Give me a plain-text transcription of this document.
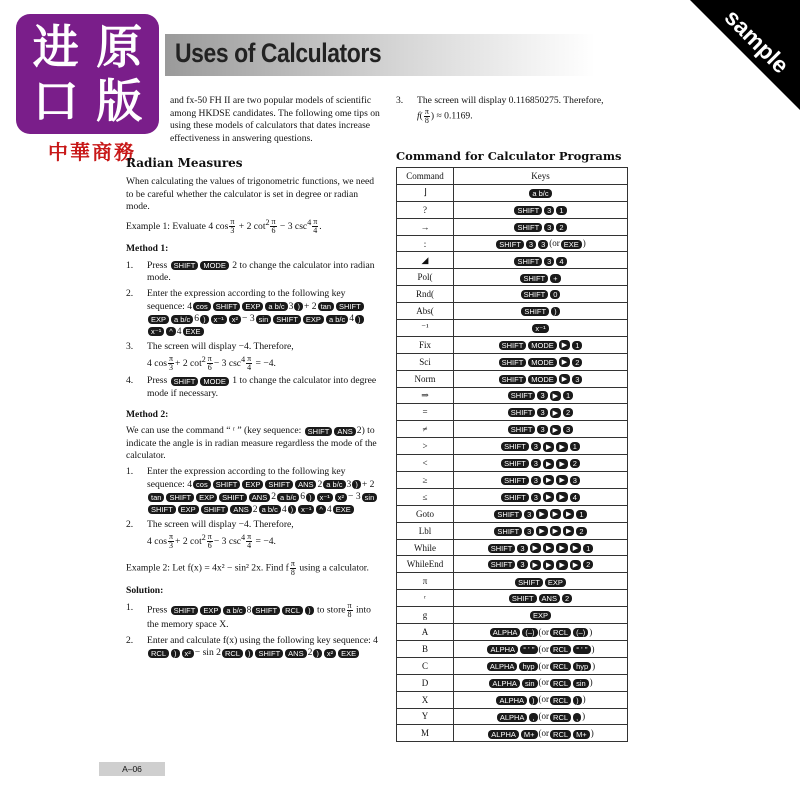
Uses of Calculators	sample
进 原
口 版
中華商務

and fx-50 FH II are two popular models of scientific among HKDSE candidates. The following ome tips on using these models of calculators that dates increase effectiveness in answering questions.

Radian Measures

When calculating the values of trigonometric functions, we need to be careful whether the calculator is set in degree or radian mode.

Example 1: Evaluate 4 $\cos \frac{\pi}{3} + 2$ $\cot^2 \frac{\pi}{6} - 3$ $\csc^4 \frac{\pi}{4}$ .

Method 1:
1.	Press SHIFT MODE 2 to change the calculator into radian mode.
2.	Enter the expression according to the following key sequence: 4 cos SHIFT EXP a b/c 3 ) + 2 tan SHIFTEXP a b/c 6 ) x⁻¹ x² − 3 sin SHIFT EXP a b/c 4 )x⁻¹ ^ 4 EXE
3.	The screen will display −4. Therefore,
4 $\cos \frac{\pi}{3} + 2$ $\cot^2 \frac{\pi}{6} - 3$ $\csc^4 \frac{\pi}{4} = -4$.
4.	Press SHIFT MODE 1 to change the calculator into degree mode if necessary.
Method 2:

We can use the command “ ʳ ” (key sequence: SHIFT ANS 2) to indicate the angle is in radian measure regardless the mode of the calculator.

1.	Enter the expression according to the following key sequence: 4 cos SHIFT EXP SHIFT ANS 2 a b/c 3 ) + 2tan SHIFT EXP SHIFT ANS 2 a b/c 6 ) x⁻¹ x² − 3 sinSHIFT EXP SHIFT ANS 2 a b/c 4 ) x⁻¹ ^ 4 EXE
2.	The screen will display −4. Therefore,
4 $\cos \frac{\pi}{3} + 2$ $\cot^2 \frac{\pi}{6} - 3$ $\csc^4 \frac{\pi}{4} = -4$.

Example 2: Let f(x) = 4x² − sin² 2x. Find f $\frac{\pi}{8}$ using a calculator.

Solution:
1.	Press SHIFT EXP a b/c 8 SHIFT RCL ) to store $\frac{\pi}{8}$ into the memory space X.
2.	Enter and calculate f(x) using the following key sequence: 4RCL ) x² − sin 2 RCL ) SHIFT ANS 2 ) x² EXE
3.	The screen will display 0.116850275. Therefore,
$f( \frac{\pi}{8}$ ) ≈ 0.1169.
Command for Calculator Programs
Command	Keys
⌋	a b/c
?	SHIFT 3 1
→	SHIFT 3 2
:	SHIFT 3 3 (or EXE )
◢	SHIFT 3 4
Pol(	SHIFT +
Rnd(	SHIFT 0
Abs(	SHIFT )
⁻¹	x⁻¹
Fix	SHIFT MODE ▶ 1
Sci	SHIFT MODE ▶ 2
Norm	SHIFT MODE ▶ 3
⇒	SHIFT 3 ▶ 1
=	SHIFT 3 ▶ 2
≠	SHIFT 3 ▶ 3
>	SHIFT 3 ▶ ▶ 1
<	SHIFT 3 ▶ ▶ 2
≥	SHIFT 3 ▶ ▶ 3
≤	SHIFT 3 ▶ ▶ 4
Goto	SHIFT 3 ▶ ▶ ▶ 1
Lbl	SHIFT 3 ▶ ▶ ▶ 2
While	SHIFT 3 ▶ ▶ ▶ ▶ 1
WhileEnd	SHIFT 3 ▶ ▶ ▶ ▶ 2
π	SHIFT EXP
ʳ	SHIFT ANS 2
g	EXP
A	ALPHA (–) (or RCL (–) )
B	ALPHA ° ' '' (or RCL ° ' '' )
C	ALPHA hyp (or RCL hyp )
D	ALPHA sin (or RCL sin )
X	ALPHA ) (or RCL ) )
Y	ALPHA , (or RCL , )
M	ALPHA M+ (or RCL M+ )
A–06
